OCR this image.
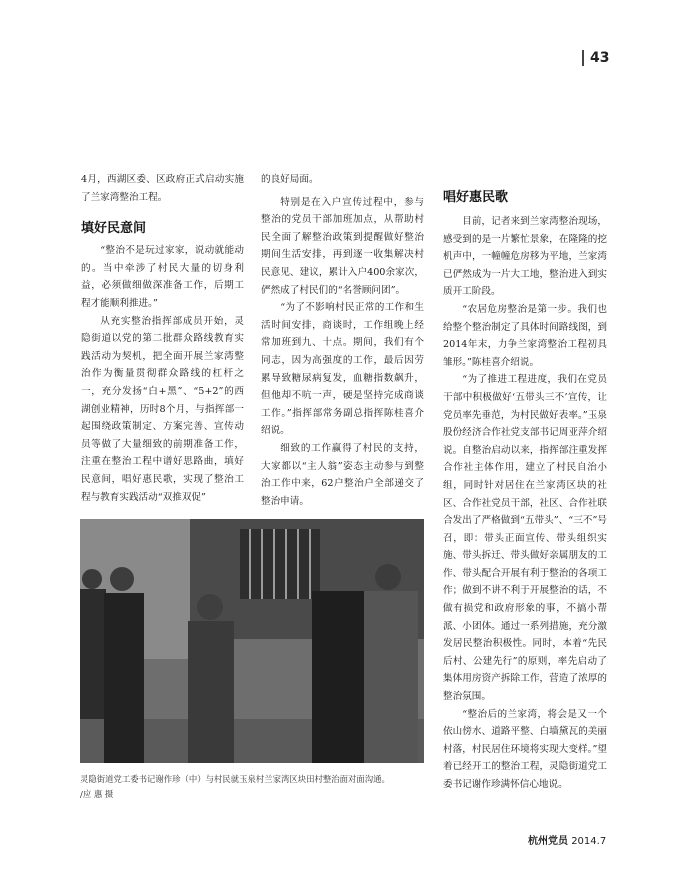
43

4月，西湖区委、区政府正式启动实施了兰家湾整治工程。

填好民意间

“整治不是玩过家家，说动就能动的。当中牵涉了村民大量的切身利益，必须做细做深准备工作，后期工程才能顺利推进。”

从充实整治指挥部成员开始，灵隐街道以党的第二批群众路线教育实践活动为契机，把全面开展兰家湾整治作为衡量贯彻群众路线的杠杆之一，充分发扬“白+黑”、“5+2”的西湖创业精神，历时8个月，与指挥部一起围绕政策制定、方案完善、宣传动员等做了大量细致的前期准备工作，注重在整治工程中谱好思路曲，填好民意间，唱好惠民歌，实现了整治工程与教育实践活动“双推双促”

的良好局面。

特别是在入户宣传过程中，参与整治的党员干部加班加点，从帮助村民全面了解整治政策到提醒做好整治期间生活安排，再到逐一收集解决村民意见、建议，累计入户400余家次，俨然成了村民们的“名誉顾问团”。

“为了不影响村民正常的工作和生活时间安排，商谈时，工作组晚上经常加班到九、十点。期间，我们有个同志，因为高强度的工作，最后因劳累导致糖尿病复发，血糖指数飙升，但他却不吭一声，硬是坚持完成商谈工作。”指挥部常务副总指挥陈桂喜介绍说。

细致的工作赢得了村民的支持，大家都以“主人翁”姿态主动参与到整治工作中来，62户整治户全部递交了整治申请。

唱好惠民歌

目前，记者来到兰家湾整治现场，感受到的是一片繁忙景象，在隆隆的挖机声中，一幢幢危房移为平地，兰家湾已俨然成为一片大工地，整治进入到实质开工阶段。

“农居危房整治是第一步。我们也给整个整治制定了具体时间路线图，到2014年末，力争兰家湾整治工程初具雏形。”陈桂喜介绍说。

“为了推进工程进度，我们在党员干部中积极做好‘五带头三不’宣传，让党员率先垂范，为村民做好表率。”玉泉股份经济合作社党支部书记周亚萍介绍说。自整治启动以来，指挥部注重发挥合作社主体作用，建立了村民自治小组，同时针对居住在兰家湾区块的社区、合作社党员干部，社区、合作社联合发出了严格做到“五带头”、“三不”号召，即：带头正面宣传、带头组织实施、带头拆迁、带头做好亲属朋友的工作、带头配合开展有利于整治的各项工作；做到不讲不利于开展整治的话，不做有损党和政府形象的事，不搞小帮派、小团体。通过一系列措施，充分激发居民整治积极性。同时，本着“先民后村、公建先行”的原则，率先启动了集体用房资产拆除工作，营造了浓厚的整治氛围。

“整治后的兰家湾，将会是又一个依山傍水、道路平整、白墙黛瓦的美丽村落，村民居住环境将实现大变样。”望着已经开工的整治工程，灵隐街道党工委书记谢作珍满怀信心地说。

灵隐街道党工委书记谢作珍（中）与村民就玉泉村兰家湾区块田村整治面对面沟通。
/应 惠 摄
杭州党员 2014.7
